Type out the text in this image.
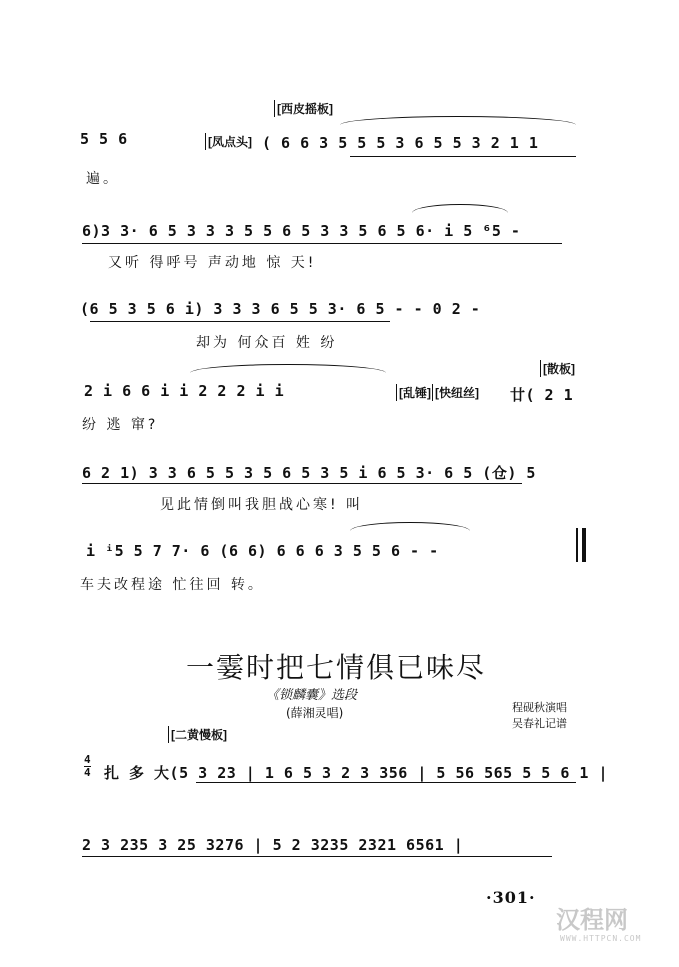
[西皮摇板]
5 5 6	[凤点头] ( 6 6 3 5 5 5 3 6 5 5 3 2 1 1
遍。
6)3 3· 6 5 3 3 3 5 5 6 5 3 3 5 6 5 6· i 5 ⁶5 -
又听 得呼号 声动地 惊 天!
(6 5 3 5 6 i) 3 3 3 6 5 5 3· 6 5 - - 0 2 -
却为 何众百 姓 纷
[散板]
2 i 6 6 i i 2 2 2 i i	[乱锤] [快纽丝] 廿( 2 1
纷 逃 窜?
6 2 1) 3 3 6 5 5 3 5 6 5 3 5 i 6 5 3· 6 5 (仓) 5
见此情倒叫我胆战心寒! 叫
i ⁱ5 5 7 7· 6 (6 6) 6 6 6 3 5 5 6 - -
车夫改程途 忙往回 转。
一霎时把七情俱已味尽
《锁麟囊》选段
(薛湘灵唱)	程砚秋演唱
吴春礼记谱
[二黄慢板]
4
4 扎 多 大(5 3 23 | 1 6 5 3 2 3 356 | 5 56 565 5 5 6 1 |
2 3 235 3 25 3276 | 5 2 3235 2321 6561 |
·301·
汉程网
WWW.HTTPCN.COM
